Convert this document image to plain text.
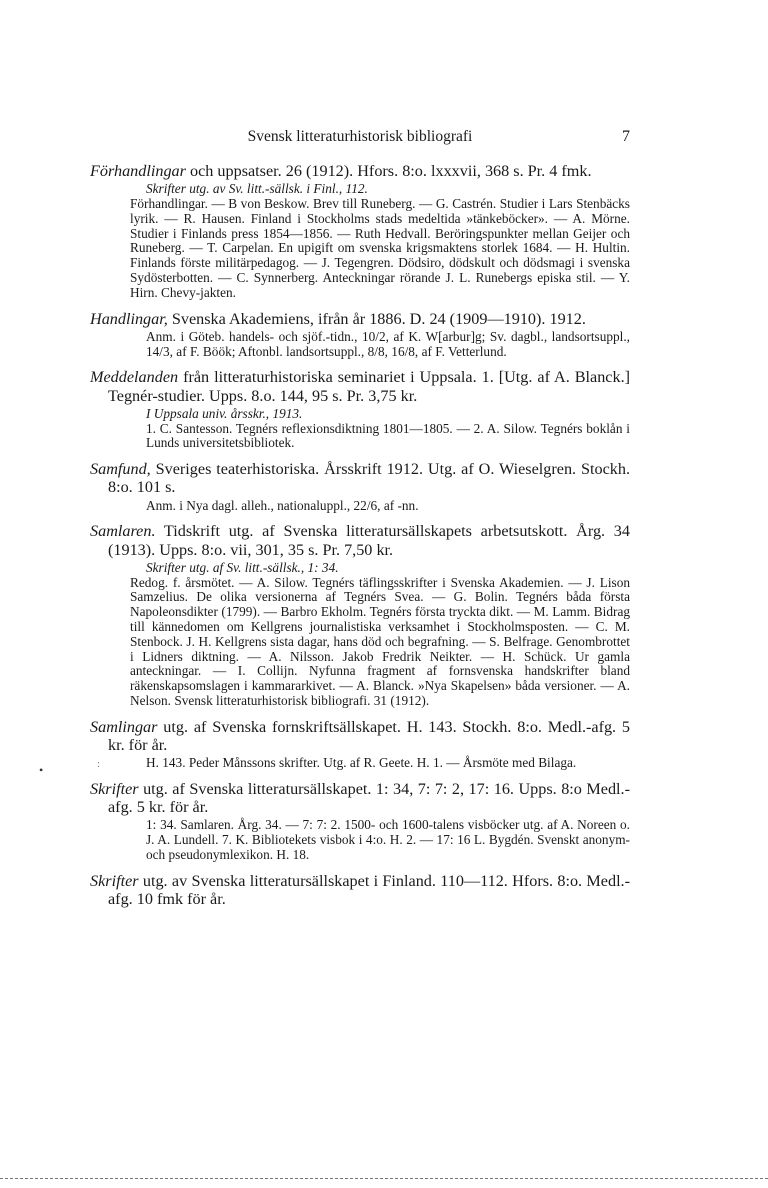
Svensk litteraturhistorisk bibliografi	7
•	:
Förhandlingar och uppsatser. 26 (1912). Hfors. 8:o. lxxxvii, 368 s. Pr. 4 fmk.

Skrifter utg. av Sv. litt.-sällsk. i Finl., 112.

Förhandlingar. — B von Beskow. Brev till Runeberg. — G. Castrén. Studier i Lars Stenbäcks lyrik. — R. Hausen. Finland i Stockholms stads medeltida »tänkeböcker». — A. Mörne. Studier i Finlands press 1854—1856. — Ruth Hedvall. Beröringspunkter mellan Geijer och Runeberg. — T. Carpelan. En upigift om svenska krigsmaktens storlek 1684. — H. Hultin. Finlands förste militärpedagog. — J. Tegengren. Dödsiro, dödskult och dödsmagi i svenska Sydösterbotten. — C. Synnerberg. Anteckningar rörande J. L. Runebergs episka stil. — Y. Hirn. Chevy-jakten.

Handlingar, Svenska Akademiens, ifrån år 1886. D. 24 (1909—1910). 1912.

Anm. i Göteb. handels- och sjöf.-tidn., 10/2, af K. W[arbur]g; Sv. dagbl., landsortsuppl., 14/3, af F. Böök; Aftonbl. landsortsuppl., 8/8, 16/8, af F. Vetterlund.

Meddelanden från litteraturhistoriska seminariet i Uppsala. 1. [Utg. af A. Blanck.] Tegnér-studier. Upps. 8.o. 144, 95 s. Pr. 3,75 kr.

I Uppsala univ. årsskr., 1913.

1. C. Santesson. Tegnérs reflexionsdiktning 1801—1805. — 2. A. Silow. Tegnérs boklån i Lunds universitetsbibliotek.

Samfund, Sveriges teaterhistoriska. Årsskrift 1912. Utg. af O. Wieselgren. Stockh. 8:o. 101 s.

Anm. i Nya dagl. alleh., nationaluppl., 22/6, af -nn.

Samlaren. Tidskrift utg. af Svenska litteratursällskapets arbetsutskott. Årg. 34 (1913). Upps. 8:o. vii, 301, 35 s. Pr. 7,50 kr.

Skrifter utg. af Sv. litt.-sällsk., 1: 34.

Redog. f. årsmötet. — A. Silow. Tegnérs täflingsskrifter i Svenska Akademien. — J. Lison Samzelius. De olika versionerna af Tegnérs Svea. — G. Bolin. Tegnérs båda första Napoleonsdikter (1799). — Barbro Ekholm. Tegnérs första tryckta dikt. — M. Lamm. Bidrag till kännedomen om Kellgrens journalistiska verksamhet i Stockholmsposten. — C. M. Stenbock. J. H. Kellgrens sista dagar, hans död och begrafning. — S. Belfrage. Genombrottet i Lidners diktning. — A. Nilsson. Jakob Fredrik Neikter. — H. Schück. Ur gamla anteckningar. — I. Collijn. Nyfunna fragment af fornsvenska handskrifter bland räkenskapsomslagen i kammararkivet. — A. Blanck. »Nya Skapelsen» båda versioner. — A. Nelson. Svensk litteraturhistorisk bibliografi. 31 (1912).

Samlingar utg. af Svenska fornskriftsällskapet. H. 143. Stockh. 8:o. Medl.-afg. 5 kr. för år.

H. 143. Peder Månssons skrifter. Utg. af R. Geete. H. 1. — Årsmöte med Bilaga.

Skrifter utg. af Svenska litteratursällskapet. 1: 34, 7: 7: 2, 17: 16. Upps. 8:o Medl.-afg. 5 kr. för år.

1: 34. Samlaren. Årg. 34. — 7: 7: 2. 1500- och 1600-talens visböcker utg. af A. Noreen o. J. A. Lundell. 7. K. Bibliotekets visbok i 4:o. H. 2. — 17: 16 L. Bygdén. Svenskt anonym- och pseudonymlexikon. H. 18.

Skrifter utg. av Svenska litteratursällskapet i Finland. 110—112. Hfors. 8:o. Medl.-afg. 10 fmk för år.
